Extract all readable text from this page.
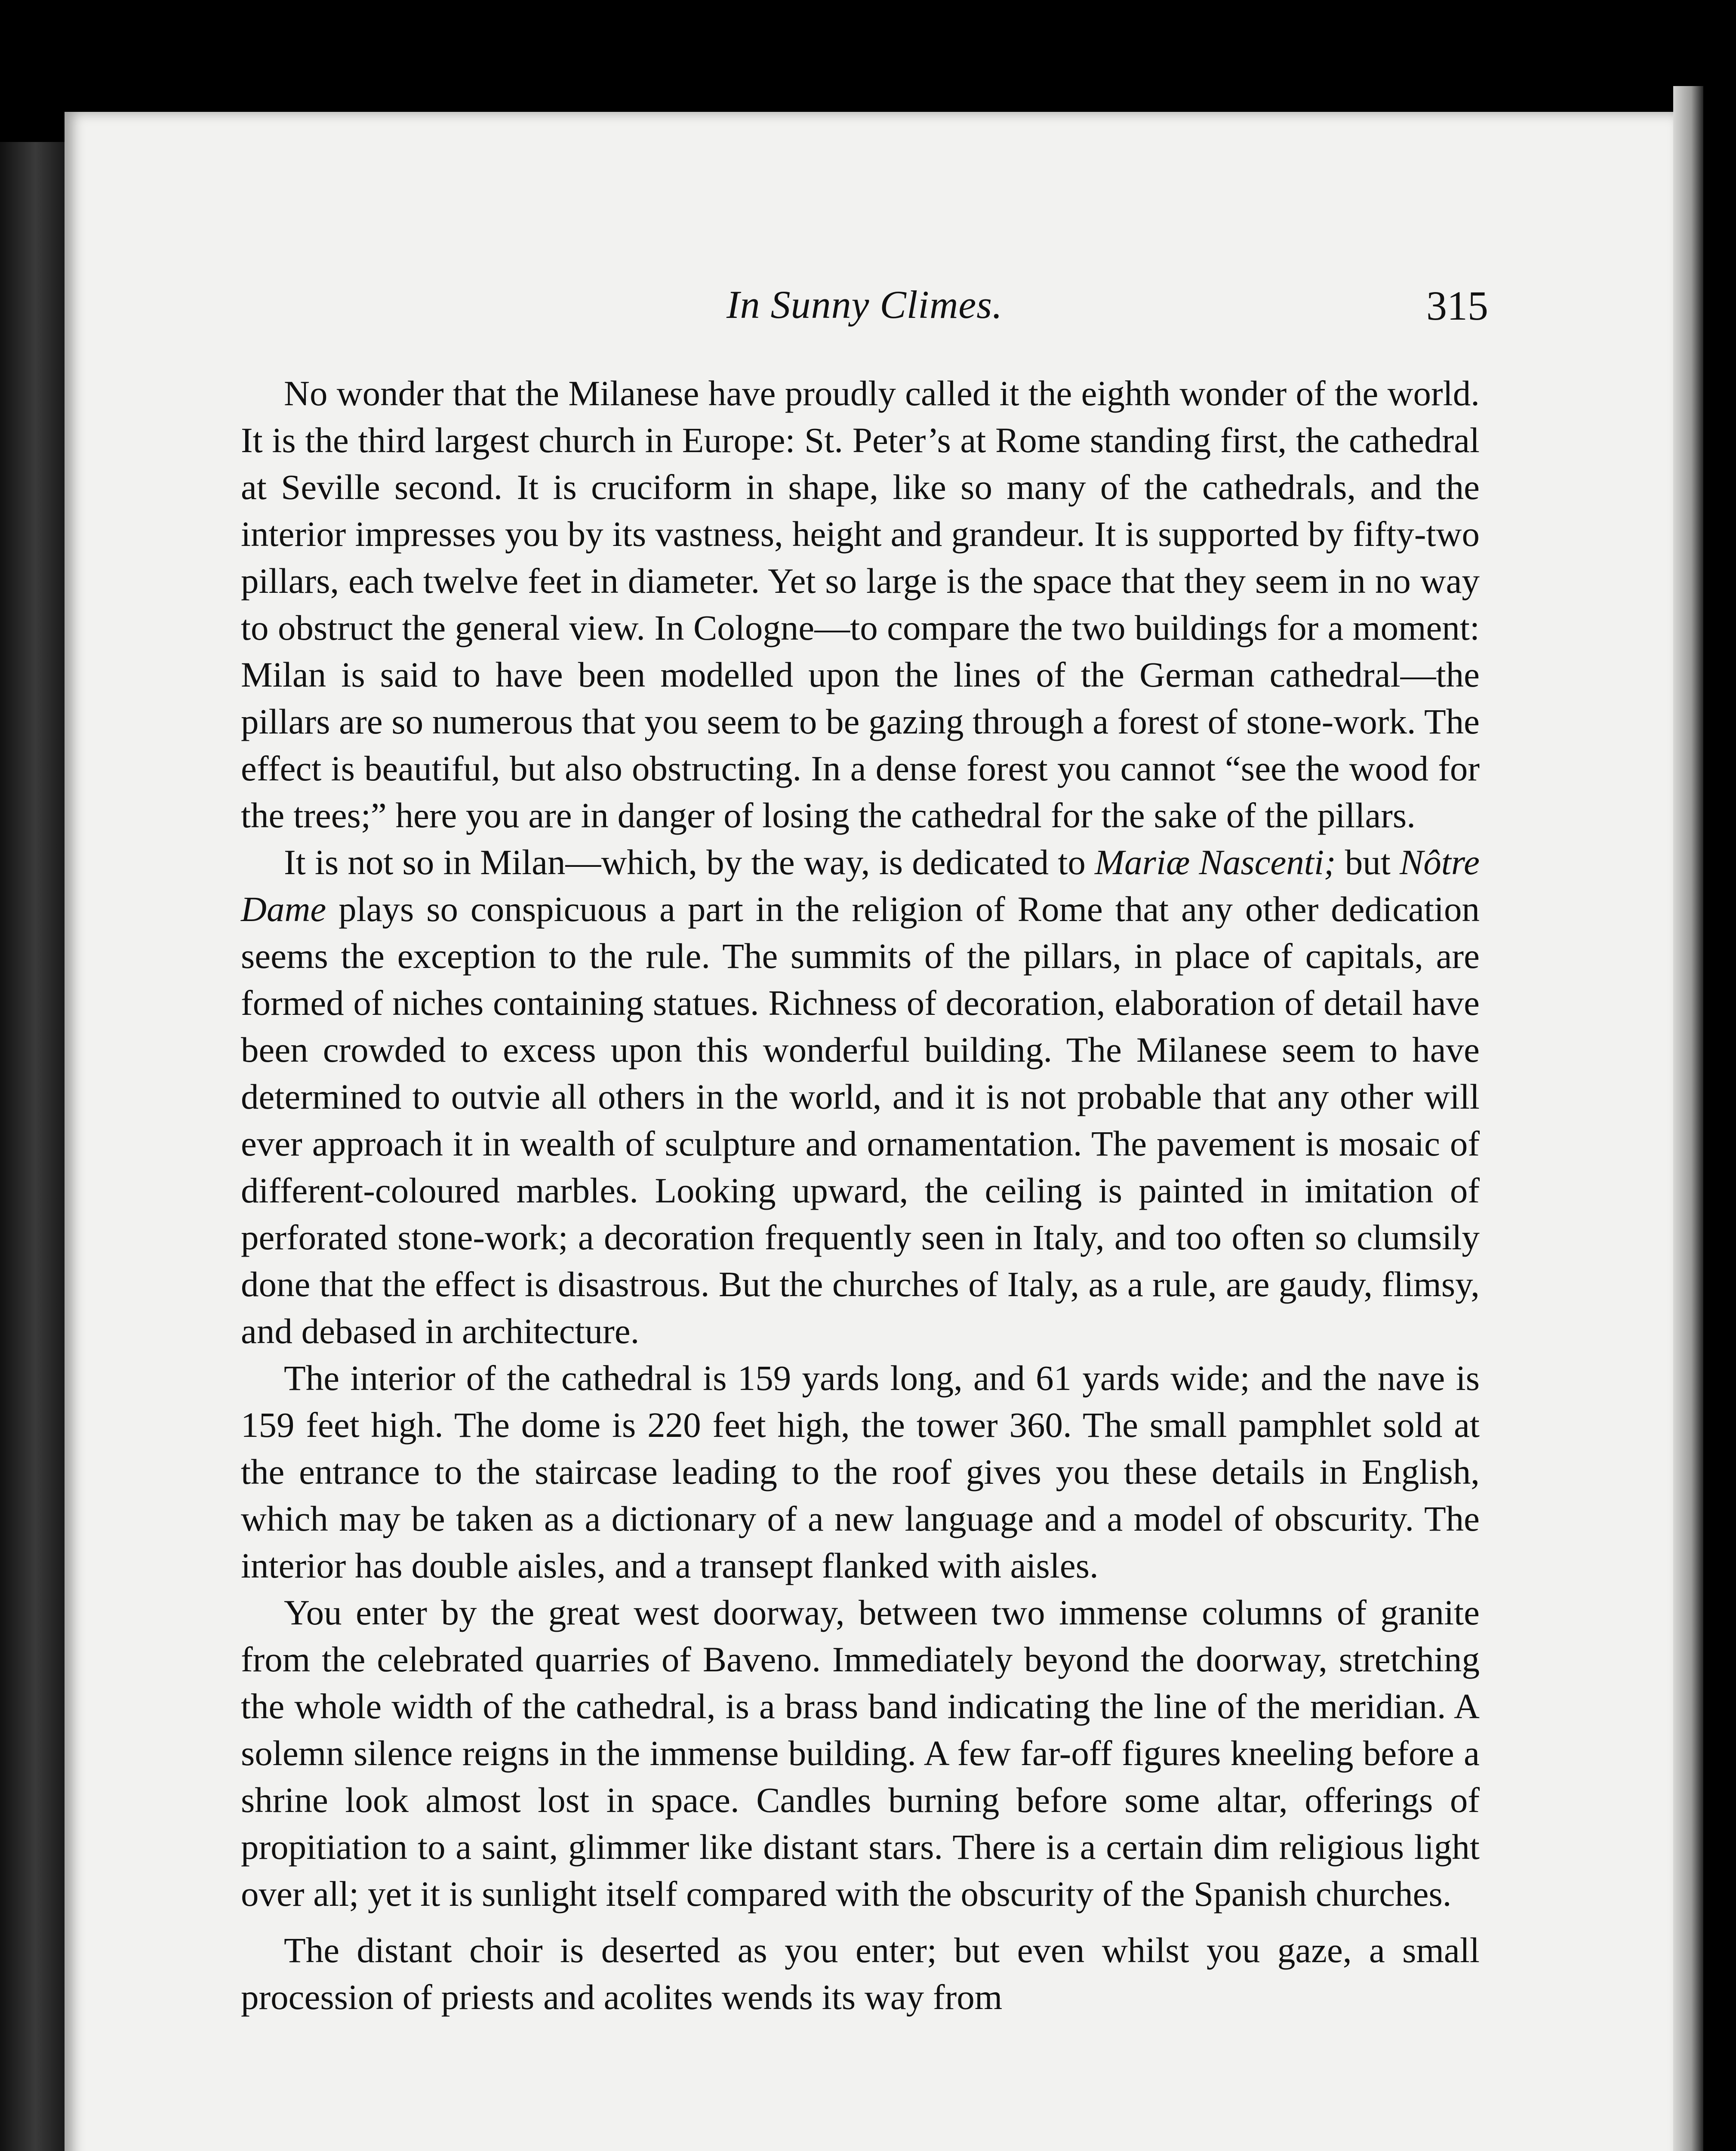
In Sunny Climes.	315

No wonder that the Milanese have proudly called it the eighth wonder of the world. It is the third largest church in Europe: St. Peter’s at Rome standing first, the cathedral at Seville second. It is cruciform in shape, like so many of the cathedrals, and the interior impresses you by its vastness, height and grandeur. It is supported by fifty-two pillars, each twelve feet in diameter. Yet so large is the space that they seem in no way to obstruct the general view. In Cologne—to compare the two buildings for a moment: Milan is said to have been modelled upon the lines of the German cathedral—the pillars are so numerous that you seem to be gazing through a forest of stone-work. The effect is beautiful, but also obstructing. In a dense forest you cannot “see the wood for the trees;” here you are in danger of losing the cathedral for the sake of the pillars.

It is not so in Milan—which, by the way, is dedicated to Mariæ Nascenti; but Nôtre Dame plays so conspicuous a part in the religion of Rome that any other dedication seems the exception to the rule. The summits of the pillars, in place of capitals, are formed of niches containing statues. Richness of decoration, elaboration of detail have been crowded to excess upon this wonderful building. The Milanese seem to have determined to outvie all others in the world, and it is not probable that any other will ever approach it in wealth of sculpture and ornamentation. The pavement is mosaic of different-coloured marbles. Looking upward, the ceiling is painted in imitation of perforated stone-work; a decoration frequently seen in Italy, and too often so clumsily done that the effect is disastrous. But the churches of Italy, as a rule, are gaudy, flimsy, and debased in architecture.

The interior of the cathedral is 159 yards long, and 61 yards wide; and the nave is 159 feet high. The dome is 220 feet high, the tower 360. The small pamphlet sold at the entrance to the staircase leading to the roof gives you these details in English, which may be taken as a dictionary of a new language and a model of obscurity. The interior has double aisles, and a transept flanked with aisles.

You enter by the great west doorway, between two immense columns of granite from the celebrated quarries of Baveno. Immediately beyond the doorway, stretching the whole width of the cathedral, is a brass band indicating the line of the meridian. A solemn silence reigns in the immense building. A few far-off figures kneeling before a shrine look almost lost in space. Candles burning before some altar, offerings of propitiation to a saint, glimmer like distant stars. There is a certain dim religious light over all; yet it is sunlight itself compared with the obscurity of the Spanish churches.

The distant choir is deserted as you enter; but even whilst you gaze, a small procession of priests and acolites wends its way from
